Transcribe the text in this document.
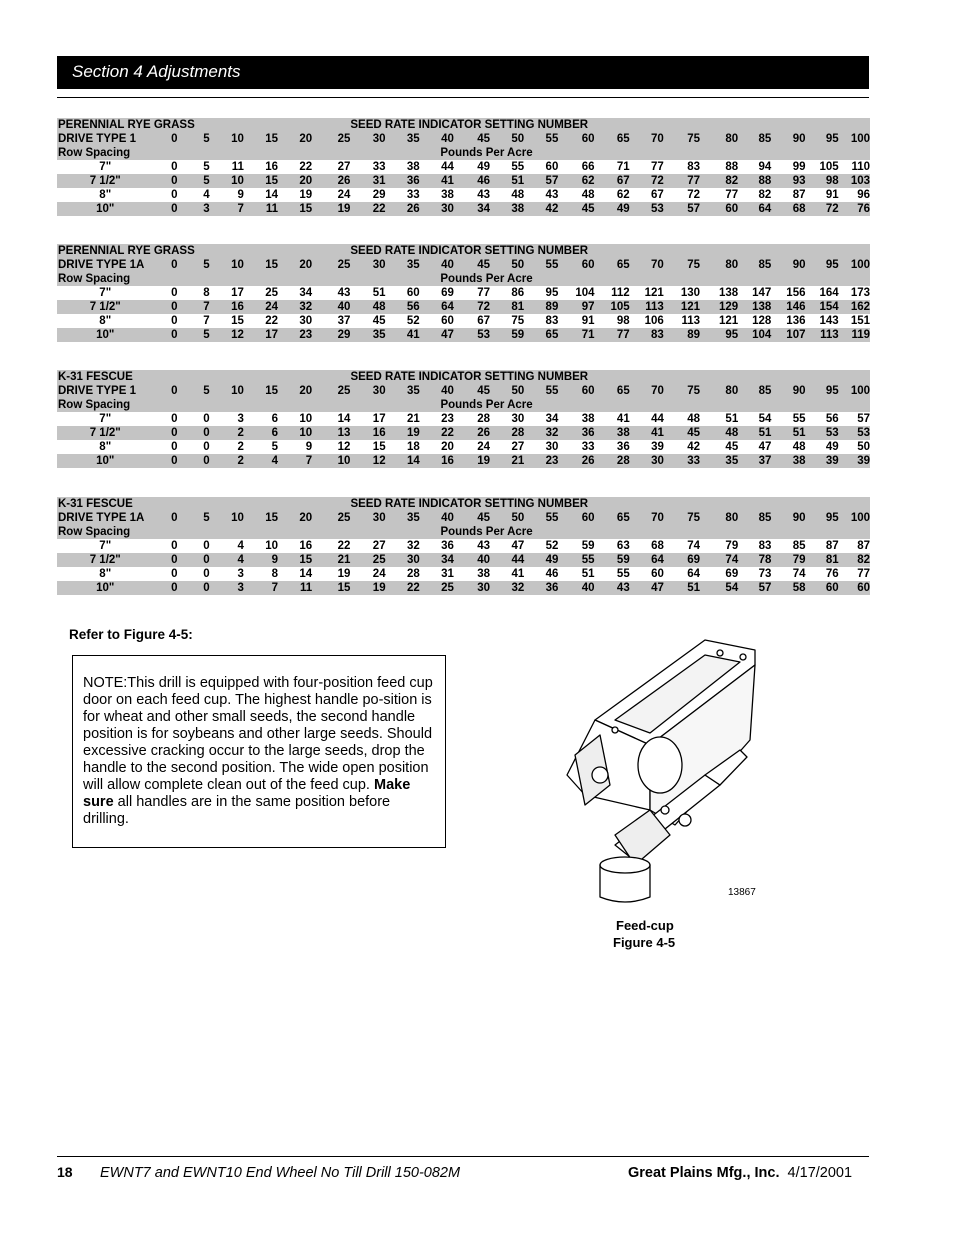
Section 4 Adjustments
PERENNIAL RYE GRASS							SEED RATE INDICATOR SETTING NUMBER														
DRIVE TYPE 1	0	5	10	15	20	25	30	35	40	45	50	55	60	65	70	75	80	85	90	95	100
Row Spacing							Pounds Per Acre														
7"	0	5	11	16	22	27	33	38	44	49	55	60	66	71	77	83	88	94	99	105	110
7 1/2"	0	5	10	15	20	26	31	36	41	46	51	57	62	67	72	77	82	88	93	98	103
8"	0	4	9	14	19	24	29	33	38	43	48	43	48	62	67	72	77	82	87	91	96
10"	0	3	7	11	15	19	22	26	30	34	38	42	45	49	53	57	60	64	68	72	76
PERENNIAL RYE GRASS							SEED RATE INDICATOR SETTING NUMBER														
DRIVE TYPE 1A	0	5	10	15	20	25	30	35	40	45	50	55	60	65	70	75	80	85	90	95	100
Row Spacing							Pounds Per Acre														
7"	0	8	17	25	34	43	51	60	69	77	86	95	104	112	121	130	138	147	156	164	173
7 1/2"	0	7	16	24	32	40	48	56	64	72	81	89	97	105	113	121	129	138	146	154	162
8"	0	7	15	22	30	37	45	52	60	67	75	83	91	98	106	113	121	128	136	143	151
10"	0	5	12	17	23	29	35	41	47	53	59	65	71	77	83	89	95	104	107	113	119
K-31 FESCUE							SEED RATE INDICATOR SETTING NUMBER														
DRIVE TYPE 1	0	5	10	15	20	25	30	35	40	45	50	55	60	65	70	75	80	85	90	95	100
Row Spacing							Pounds Per Acre														
7"	0	0	3	6	10	14	17	21	23	28	30	34	38	41	44	48	51	54	55	56	57
7 1/2"	0	0	2	6	10	13	16	19	22	26	28	32	36	38	41	45	48	51	51	53	53
8"	0	0	2	5	9	12	15	18	20	24	27	30	33	36	39	42	45	47	48	49	50
10"	0	0	2	4	7	10	12	14	16	19	21	23	26	28	30	33	35	37	38	39	39
K-31 FESCUE							SEED RATE INDICATOR SETTING NUMBER														
DRIVE TYPE 1A	0	5	10	15	20	25	30	35	40	45	50	55	60	65	70	75	80	85	90	95	100
Row Spacing							Pounds Per Acre														
7"	0	0	4	10	16	22	27	32	36	43	47	52	59	63	68	74	79	83	85	87	87
7 1/2"	0	0	4	9	15	21	25	30	34	40	44	49	55	59	64	69	74	78	79	81	82
8"	0	0	3	8	14	19	24	28	31	38	41	46	51	55	60	64	69	73	74	76	77
10"	0	0	3	7	11	15	19	22	25	30	32	36	40	43	47	51	54	57	58	60	60
Refer to Figure 4-5:
NOTE:This drill is equipped with four-position feed cup door on each feed cup. The highest handle po-sition is for wheat and other small seeds, the second handle position is for soybeans and other large seeds. Should excessive cracking occur to the large seeds, drop the handle to the second position. The wide open position will allow complete clean out of the feed cup. Make sure all handles are in the same position before drilling.
13867
Feed-cup
Figure 4-5
18 EWNT7 and EWNT10 End Wheel No Till Drill 150-082M	Great Plains Mfg., Inc. 4/17/2001
